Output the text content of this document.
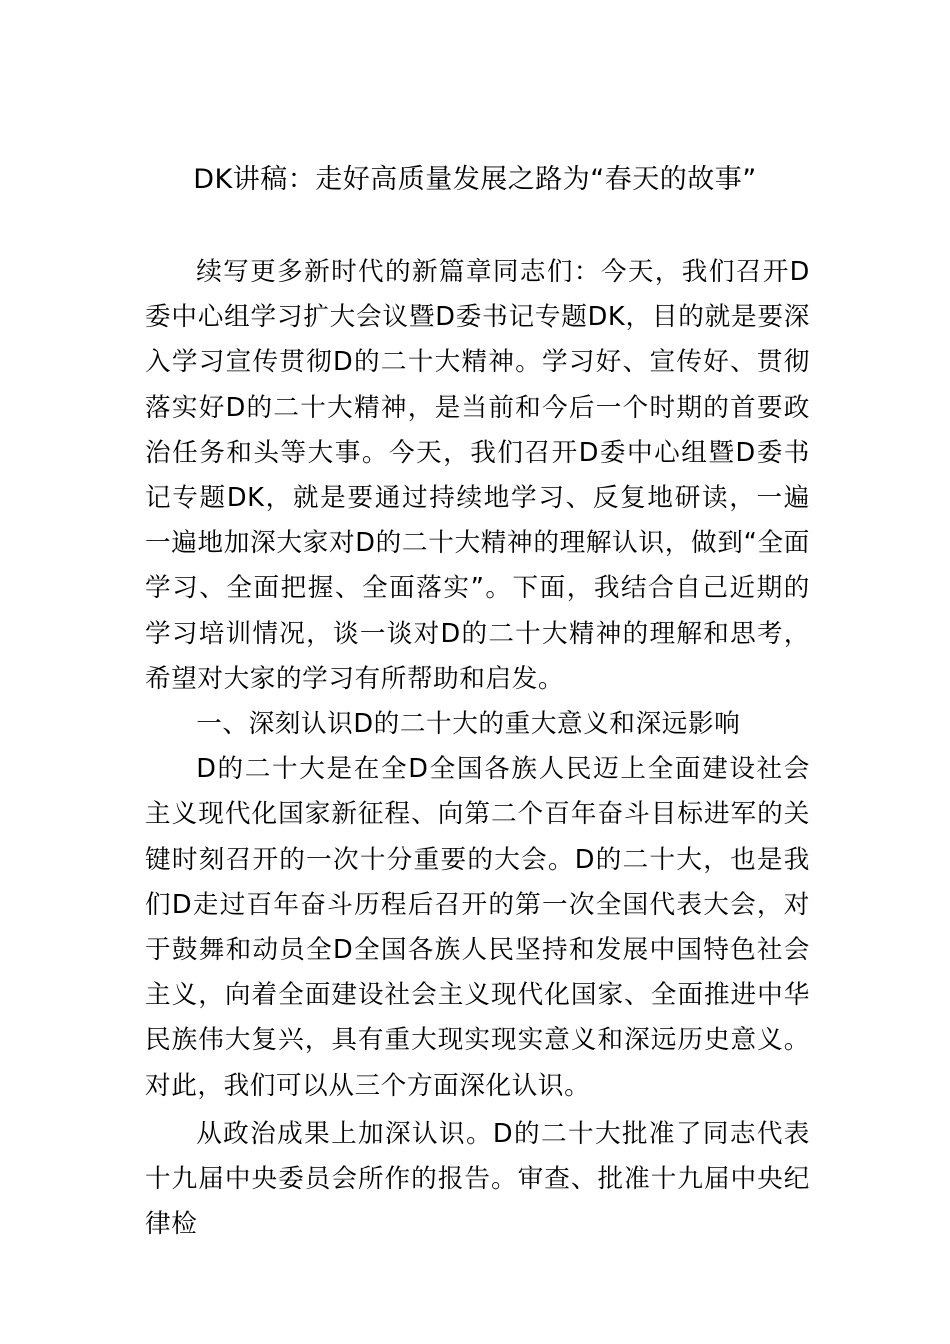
DK讲稿：走好高质量发展之路为“春天的故事”

续写更多新时代的新篇章同志们：今天，我们召开D委中心组学习扩大会议暨D委书记专题DK，目的就是要深入学习宣传贯彻D的二十大精神。学习好、宣传好、贯彻落实好D的二十大精神，是当前和今后一个时期的首要政治任务和头等大事。今天，我们召开D委中心组暨D委书记专题DK，就是要通过持续地学习、反复地研读，一遍一遍地加深大家对D的二十大精神的理解认识，做到“全面学习、全面把握、全面落实”。下面，我结合自己近期的学习培训情况，谈一谈对D的二十大精神的理解和思考，希望对大家的学习有所帮助和启发。

一、深刻认识D的二十大的重大意义和深远影响

D的二十大是在全D全国各族人民迈上全面建设社会主义现代化国家新征程、向第二个百年奋斗目标进军的关键时刻召开的一次十分重要的大会。D的二十大，也是我们D走过百年奋斗历程后召开的第一次全国代表大会，对于鼓舞和动员全D全国各族人民坚持和发展中国特色社会主义，向着全面建设社会主义现代化国家、全面推进中华民族伟大复兴，具有重大现实现实意义和深远历史意义。对此，我们可以从三个方面深化认识。

从政治成果上加深认识。D的二十大批准了同志代表十九届中央委员会所作的报告。审查、批准十九届中央纪律检
